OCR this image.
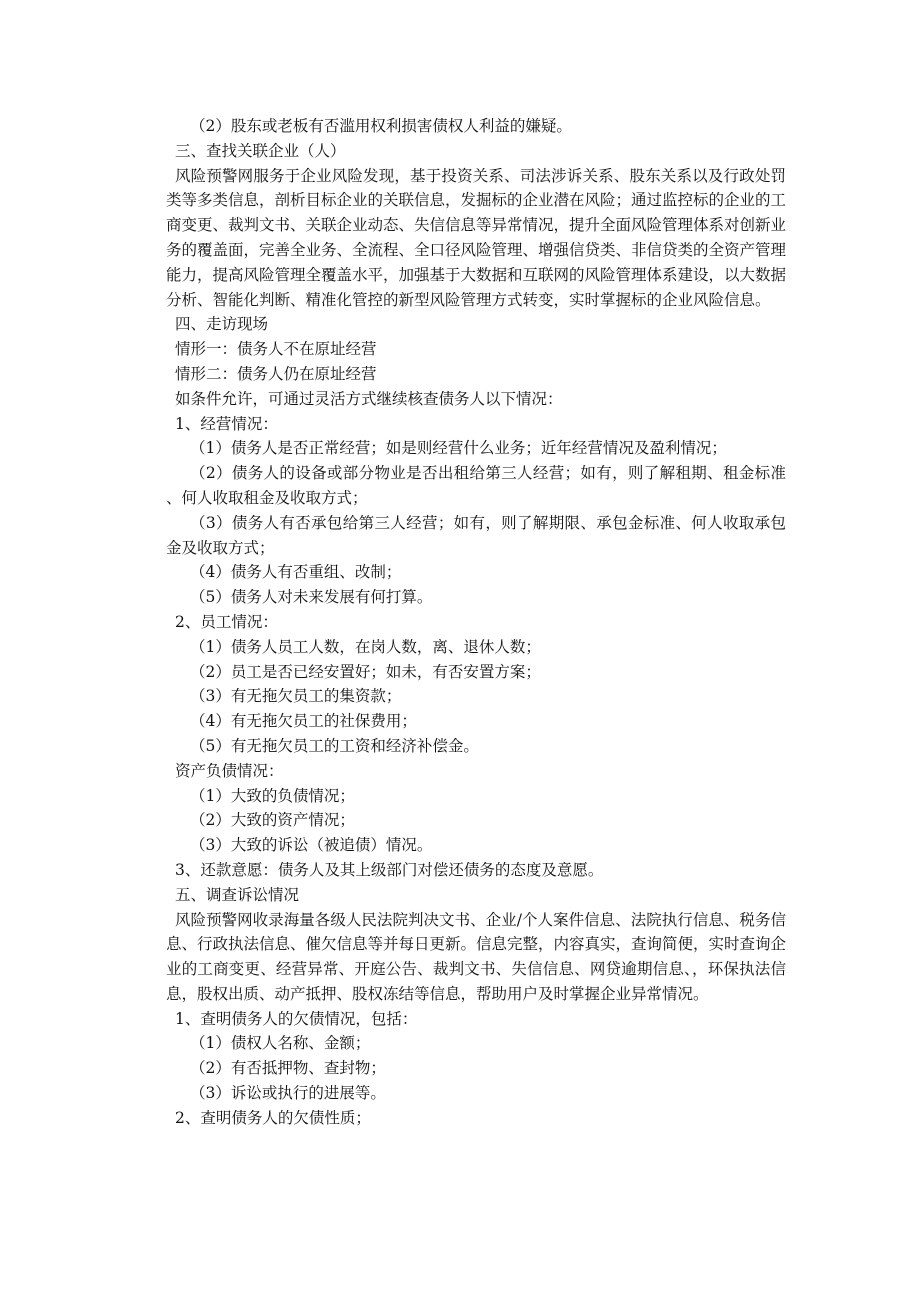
（2）股东或老板有否滥用权利损害债权人利益的嫌疑。
三、查找关联企业（人）

风险预警网服务于企业风险发现，基于投资关系、司法涉诉关系、股东关系以及行政处罚类等多类信息，剖析目标企业的关联信息，发掘标的企业潜在风险；通过监控标的企业的工商变更、裁判文书、关联企业动态、失信信息等异常情况，提升全面风险管理体系对创新业务的覆盖面，完善全业务、全流程、全口径风险管理、增强信贷类、非信贷类的全资产管理能力，提高风险管理全覆盖水平，加强基于大数据和互联网的风险管理体系建设，以大数据分析、智能化判断、精准化管控的新型风险管理方式转变，实时掌握标的企业风险信息。

四、走访现场
情形一：债务人不在原址经营
情形二：债务人仍在原址经营
如条件允许，可通过灵活方式继续核查债务人以下情况：
1、经营情况：
（1）债务人是否正常经营；如是则经营什么业务；近年经营情况及盈利情况；

（2）债务人的设备或部分物业是否出租给第三人经营；如有，则了解租期、租金标准、何人收取租金及收取方式；

（3）债务人有否承包给第三人经营；如有，则了解期限、承包金标准、何人收取承包金及收取方式；

（4）债务人有否重组、改制；
（5）债务人对未来发展有何打算。
2、员工情况：
（1）债务人员工人数，在岗人数，离、退休人数；
（2）员工是否已经安置好；如未，有否安置方案；
（3）有无拖欠员工的集资款；
（4）有无拖欠员工的社保费用；
（5）有无拖欠员工的工资和经济补偿金。
资产负债情况：
（1）大致的负债情况；
（2）大致的资产情况；
（3）大致的诉讼（被追债）情况。
3、还款意愿：债务人及其上级部门对偿还债务的态度及意愿。
五、调查诉讼情况

风险预警网收录海量各级人民法院判决文书、企业/个人案件信息、法院执行信息、税务信息、行政执法信息、催欠信息等并每日更新。信息完整，内容真实，查询简便，实时查询企业的工商变更、经营异常、开庭公告、裁判文书、失信信息、网贷逾期信息、，环保执法信息，股权出质、动产抵押、股权冻结等信息，帮助用户及时掌握企业异常情况。

1、查明债务人的欠债情况，包括：
（1）债权人名称、金额；
（2）有否抵押物、查封物；
（3）诉讼或执行的进展等。
2、查明债务人的欠债性质；
